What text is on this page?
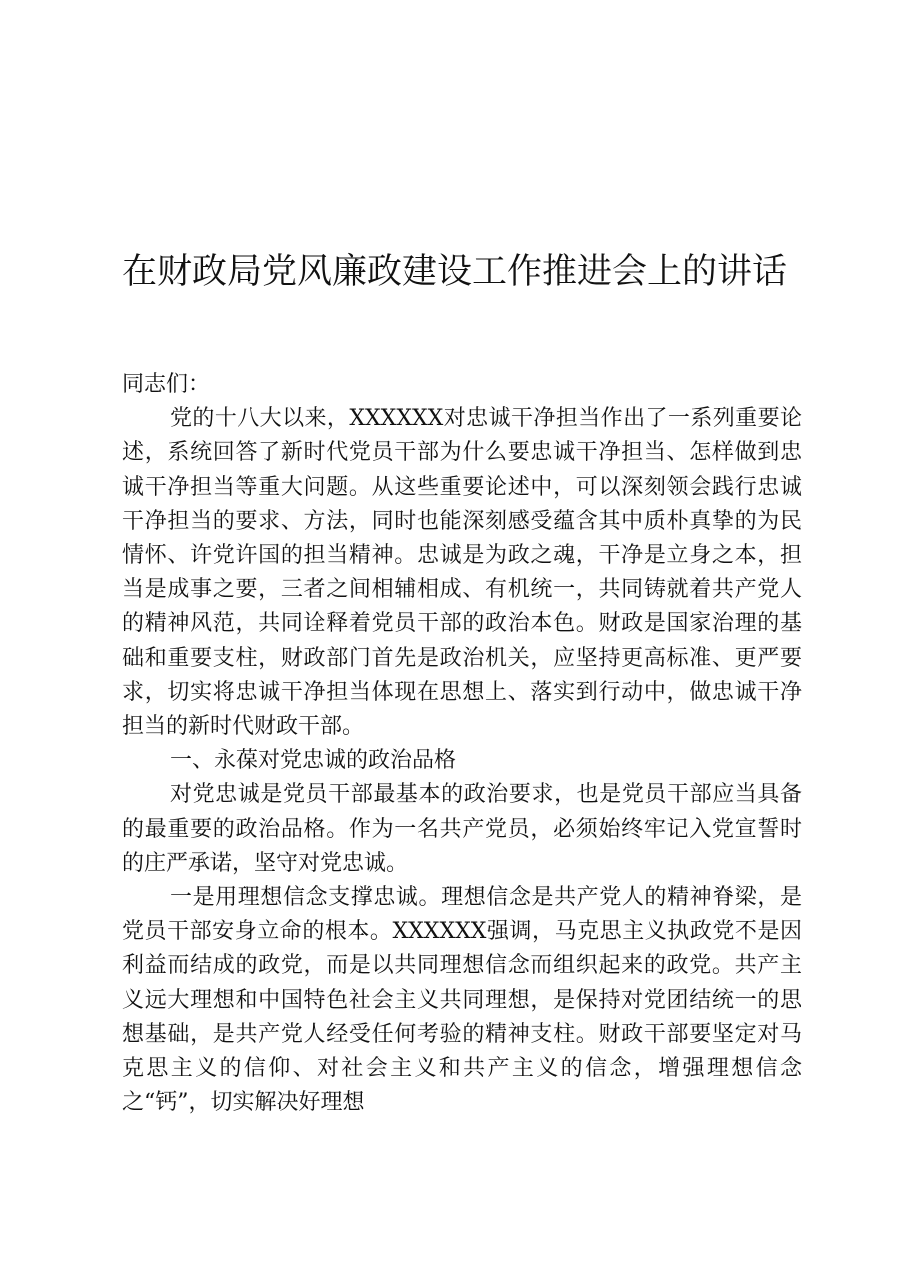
在财政局党风廉政建设工作推进会上的讲话

同志们：

党的十八大以来，XXXXXX对忠诚干净担当作出了一系列重要论述，系统回答了新时代党员干部为什么要忠诚干净担当、怎样做到忠诚干净担当等重大问题。从这些重要论述中，可以深刻领会践行忠诚干净担当的要求、方法，同时也能深刻感受蕴含其中质朴真挚的为民情怀、许党许国的担当精神。忠诚是为政之魂，干净是立身之本，担当是成事之要，三者之间相辅相成、有机统一，共同铸就着共产党人的精神风范，共同诠释着党员干部的政治本色。财政是国家治理的基础和重要支柱，财政部门首先是政治机关，应坚持更高标准、更严要求，切实将忠诚干净担当体现在思想上、落实到行动中，做忠诚干净担当的新时代财政干部。

一、永葆对党忠诚的政治品格

对党忠诚是党员干部最基本的政治要求，也是党员干部应当具备的最重要的政治品格。作为一名共产党员，必须始终牢记入党宣誓时的庄严承诺，坚守对党忠诚。

一是用理想信念支撑忠诚。理想信念是共产党人的精神脊梁，是党员干部安身立命的根本。XXXXXX强调，马克思主义执政党不是因利益而结成的政党，而是以共同理想信念而组织起来的政党。共产主义远大理想和中国特色社会主义共同理想，是保持对党团结统一的思想基础，是共产党人经受任何考验的精神支柱。财政干部要坚定对马克思主义的信仰、对社会主义和共产主义的信念，增强理想信念之“钙”，切实解决好理想
